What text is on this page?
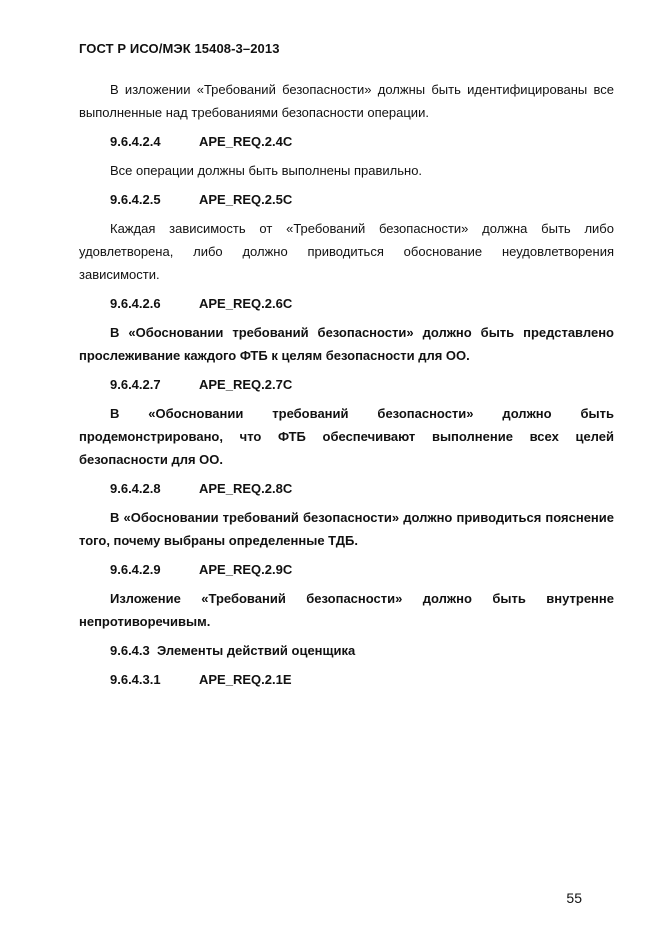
ГОСТ Р ИСО/МЭК 15408-3–2013

В изложении «Требований безопасности» должны быть идентифицированы все выполненные над требованиями безопасности операции.

9.6.4.2.4	APE_REQ.2.4C

Все операции должны быть выполнены правильно.

9.6.4.2.5	APE_REQ.2.5C

Каждая зависимость от «Требований безопасности» должна быть либо удовлетворена, либо должно приводиться обоснование неудовлетворения зависимости.

9.6.4.2.6	APE_REQ.2.6C

В «Обосновании требований безопасности» должно быть представлено прослеживание каждого ФТБ к целям безопасности для ОО.

9.6.4.2.7	APE_REQ.2.7C

В «Обосновании требований безопасности» должно быть продемонстрировано, что ФТБ обеспечивают выполнение всех целей безопасности для ОО.

9.6.4.2.8	APE_REQ.2.8C

В «Обосновании требований безопасности» должно приводиться пояснение того, почему выбраны определенные ТДБ.

9.6.4.2.9	APE_REQ.2.9C

Изложение «Требований безопасности» должно быть внутренне непротиворечивым.

9.6.4.3 Элементы действий оценщика
9.6.4.3.1	APE_REQ.2.1E
55
